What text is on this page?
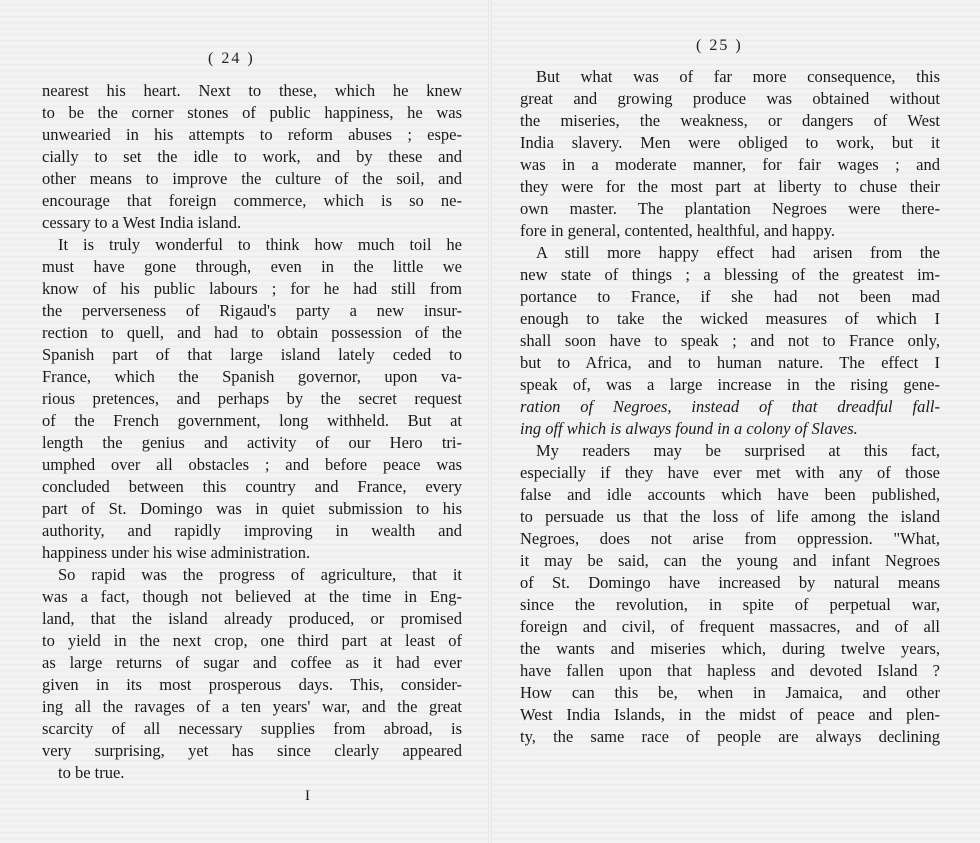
( 24 )
nearest his heart. Next to these, which he knew
to be the corner stones of public happiness, he was
unwearied in his attempts to reform abuses ; espe-
cially to set the idle to work, and by these and
other means to improve the culture of the soil, and
encourage that foreign commerce, which is so ne-
cessary to a West India island.
It is truly wonderful to think how much toil he
must have gone through, even in the little we
know of his public labours ; for he had still from
the perverseness of Rigaud's party a new insur-
rection to quell, and had to obtain possession of the
Spanish part of that large island lately ceded to
France, which the Spanish governor, upon va-
rious pretences, and perhaps by the secret request
of the French government, long withheld. But at
length the genius and activity of our Hero tri-
umphed over all obstacles ; and before peace was
concluded between this country and France, every
part of St. Domingo was in quiet submission to his
authority, and rapidly improving in wealth and
happiness under his wise administration.
So rapid was the progress of agriculture, that it
was a fact, though not believed at the time in Eng-
land, that the island already produced, or promised
to yield in the next crop, one third part at least of
as large returns of sugar and coffee as it had ever
given in its most prosperous days. This, consider-
ing all the ravages of a ten years' war, and the great
scarcity of all necessary supplies from abroad, is
very surprising, yet has since clearly appeared
to be true.
I
( 25 )
But what was of far more consequence, this
great and growing produce was obtained without
the miseries, the weakness, or dangers of West
India slavery. Men were obliged to work, but it
was in a moderate manner, for fair wages ; and
they were for the most part at liberty to chuse their
own master. The plantation Negroes were there-
fore in general, contented, healthful, and happy.
A still more happy effect had arisen from the
new state of things ; a blessing of the greatest im-
portance to France, if she had not been mad
enough to take the wicked measures of which I
shall soon have to speak ; and not to France only,
but to Africa, and to human nature. The effect I
speak of, was a large increase in the rising gene-
ration of Negroes, instead of that dreadful fall-
ing off which is always found in a colony of Slaves.
My readers may be surprised at this fact,
especially if they have ever met with any of those
false and idle accounts which have been published,
to persuade us that the loss of life among the island
Negroes, does not arise from oppression. "What,
it may be said, can the young and infant Negroes
of St. Domingo have increased by natural means
since the revolution, in spite of perpetual war,
foreign and civil, of frequent massacres, and of all
the wants and miseries which, during twelve years,
have fallen upon that hapless and devoted Island ?
How can this be, when in Jamaica, and other
West India Islands, in the midst of peace and plen-
ty, the same race of people are always declining
